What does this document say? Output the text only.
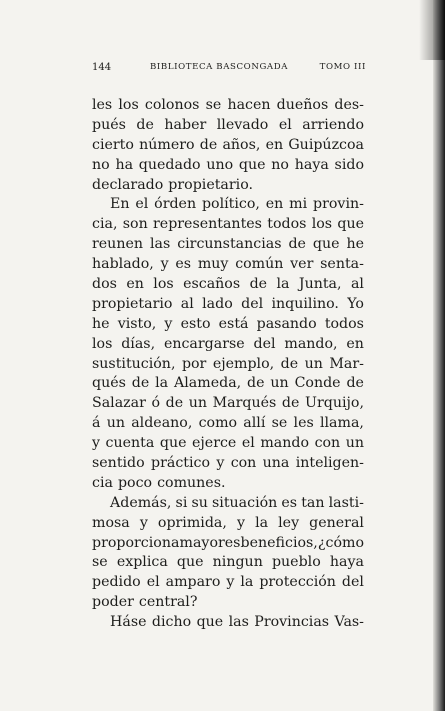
144	BIBLIOTECA BASCONGADA	TOMO III
les los colonos se hacen dueños des-
pués de haber llevado el arriendo
cierto número de años, en Guipúzcoa
no ha quedado uno que no haya sido
declarado propietario.
En el órden político, en mi provin-
cia, son representantes todos los que
reunen las circunstancias de que he
hablado, y es muy común ver senta-
dos en los escaños de la Junta, al
propietario al lado del inquilino. Yo
he visto, y esto está pasando todos
los días, encargarse del mando, en
sustitución, por ejemplo, de un Mar-
qués de la Alameda, de un Conde de
Salazar ó de un Marqués de Urquijo,
á un aldeano, como allí se les llama,
y cuenta que ejerce el mando con un
sentido práctico y con una inteligen-
cia poco comunes.
Además, si su situación es tan lasti-
mosa y oprimida, y la ley general
proporciona mayores beneficios, ¿cómo
se explica que ningun pueblo haya
pedido el amparo y la protección del
poder central?
Háse dicho que las Provincias Vas-
